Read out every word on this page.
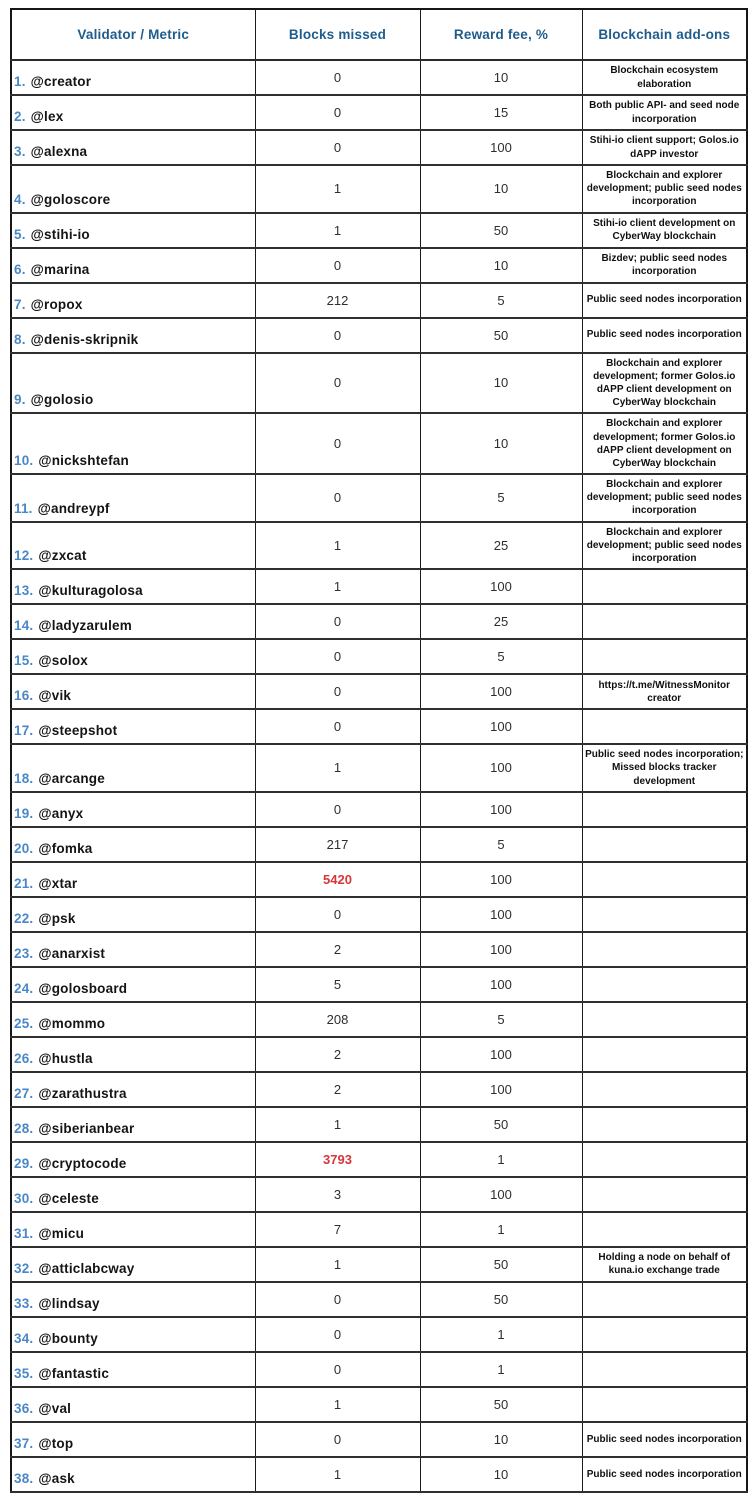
Validator / Metric	Blocks missed	Reward fee, %	Blockchain add-ons
1. @creator	0	10	Blockchain ecosystem elaboration
2. @lex	0	15	Both public API- and seed node incorporation
3. @alexna	0	100	Stihi-io client support; Golos.io dAPP investor
4. @goloscore	1	10	Blockchain and explorer development; public seed nodes incorporation
5. @stihi-io	1	50	Stihi-io client development on CyberWay blockchain
6. @marina	0	10	Bizdev; public seed nodes incorporation
7. @ropox	212	5	Public seed nodes incorporation
8. @denis-skripnik	0	50	Public seed nodes incorporation
9. @golosio	0	10	Blockchain and explorer development; former Golos.io dAPP client development on CyberWay blockchain
10. @nickshtefan	0	10	Blockchain and explorer development; former Golos.io dAPP client development on CyberWay blockchain
11. @andreypf	0	5	Blockchain and explorer development; public seed nodes incorporation
12. @zxcat	1	25	Blockchain and explorer development; public seed nodes incorporation
13. @kulturagolosa	1	100	
14. @ladyzarulem	0	25	
15. @solox	0	5	
16. @vik	0	100	https://t.me/WitnessMonitor creator
17. @steepshot	0	100	
18. @arcange	1	100	Public seed nodes incorporation; Missed blocks tracker development
19. @anyx	0	100	
20. @fomka	217	5	
21. @xtar	5420	100	
22. @psk	0	100	
23. @anarxist	2	100	
24. @golosboard	5	100	
25. @mommo	208	5	
26. @hustla	2	100	
27. @zarathustra	2	100	
28. @siberianbear	1	50	
29. @cryptocode	3793	1	
30. @celeste	3	100	
31. @micu	7	1	
32. @atticlabcway	1	50	Holding a node on behalf of kuna.io exchange trade
33. @lindsay	0	50	
34. @bounty	0	1	
35. @fantastic	0	1	
36. @val	1	50	
37. @top	0	10	Public seed nodes incorporation
38. @ask	1	10	Public seed nodes incorporation
